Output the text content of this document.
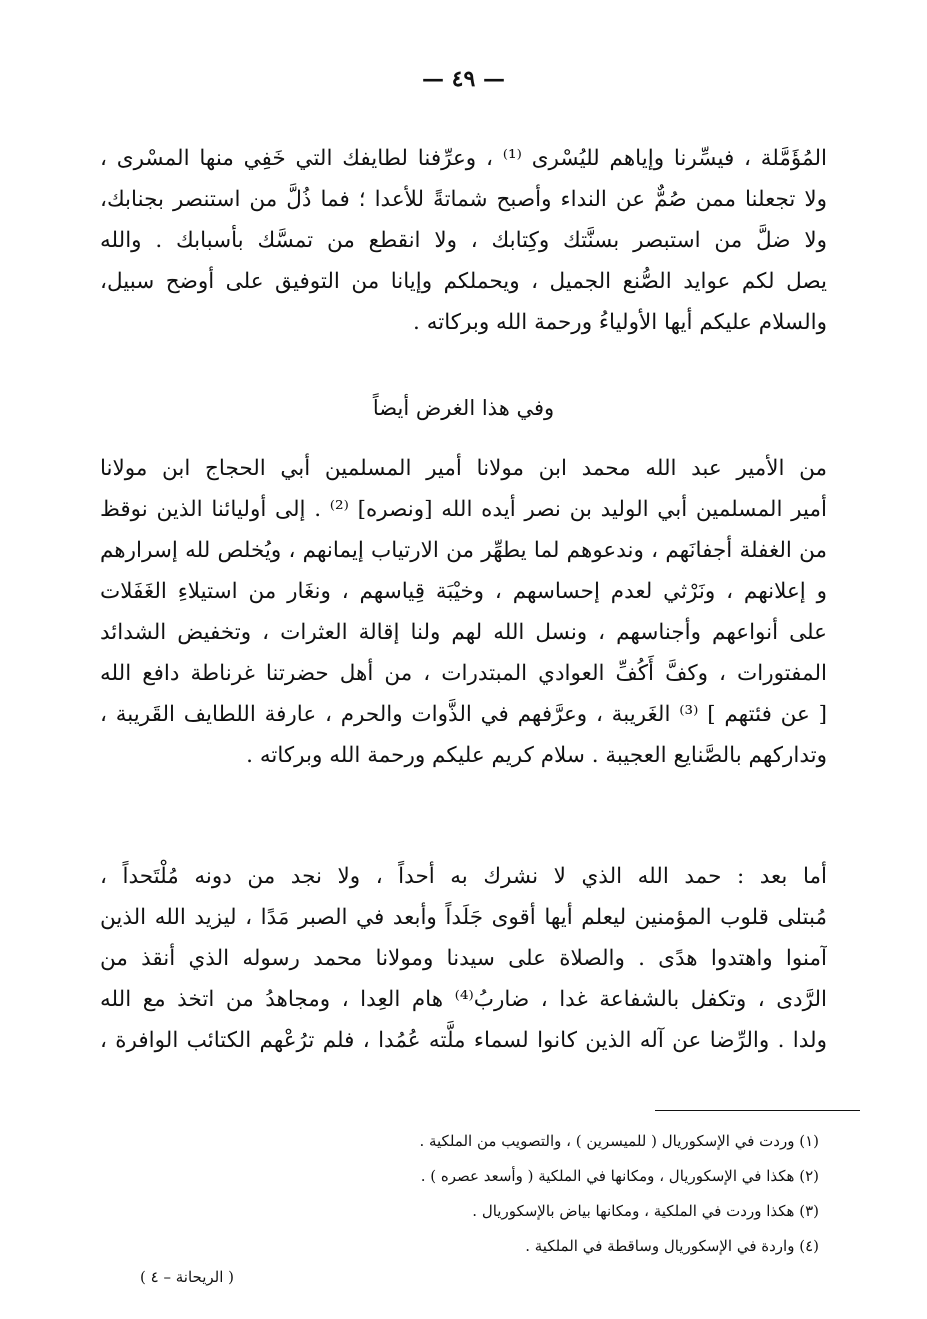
— ٤٩ —
المُؤَمَّلة ، فيسِّرنا وإياهم لليُسْرى ⁽¹⁾ ، وعرِّفنا لطايفك التي خَفِي منها المسْرى ،
ولا تجعلنا ممن صُمٌّ عن النداء وأصبح شماتةً للأعدا ؛ فما ذُلَّ من استنصر بجنابك،
ولا ضلَّ من استبصر بسنَّتك وكِتابك ، ولا انقطع من تمسَّك بأسبابك . والله
يصل لكم عوايد الصُّنع الجميل ، ويحملكم وإيانا من التوفيق على أوضح سبيل،
والسلام عليكم أيها الأولياءُ ورحمة الله وبركاته .
وفي هذا الغرض أيضاً
من الأمير عبد الله محمد ابن مولانا أمير المسلمين أبي الحجاج ابن مولانا
أمير المسلمين أبي الوليد بن نصر أيده الله [ونصره] ⁽²⁾ . إلى أوليائنا الذين نوقظ
من الغفلة أجفانَهم ، وندعوهم لما يطهِّر من الارتياب إيمانهم ، ويُخلص لله إسرارهم
و إعلانهم ، ونَرْثي لعدم إحساسهم ، وخيْبَة قِياسهم ، ونغَار من استيلاءِ الغَفَلات
على أنواعهم وأجناسهم ، ونسل الله لهم ولنا إقالة العثرات ، وتخفيض الشدائد
المفتورات ، وكفَّ أَكُفِّ العوادي المبتدرات ، من أهل حضرتنا غرناطة دافع الله
[ عن فئتهم ] ⁽³⁾ الغَريبة ، وعرَّفهم في الذَّوات والحرم ، عارفة اللطايف القَريبة ،
وتداركهم بالصَّنايع العجيبة . سلام كريم عليكم ورحمة الله وبركاته .
أما بعد : حمد الله الذي لا نشرك به أحداً ، ولا نجد من دونه مُلْتَحداً ،
مُبتلى قلوب المؤمنين ليعلم أيها أقوى جَلَداً وأبعد في الصبر مَدًا ، ليزيد الله الذين
آمنوا واهتدوا هدًى . والصلاة على سيدنا ومولانا محمد رسوله الذي أنقذ من
الرَّدى ، وتكفل بالشفاعة غدا ، ضاربُ⁽⁴⁾ هام العِدا ، ومجاهدُ من اتخذ مع الله
ولدا . والرِّضا عن آله الذين كانوا لسماء ملَّته عُمُدا ، فلم ترُعْهم الكتائب الوافرة ،
(١) وردت في الإسكوريال ( للميسرين ) ، والتصويب من الملكية .
(٢) هكذا في الإسكوريال ، ومكانها في الملكية ( وأسعد عصره ) .
(٣) هكذا وردت في الملكية ، ومكانها بياض بالإسكوريال .
(٤) واردة في الإسكوريال وساقطة في الملكية .
( الريحانة – ٤ )
